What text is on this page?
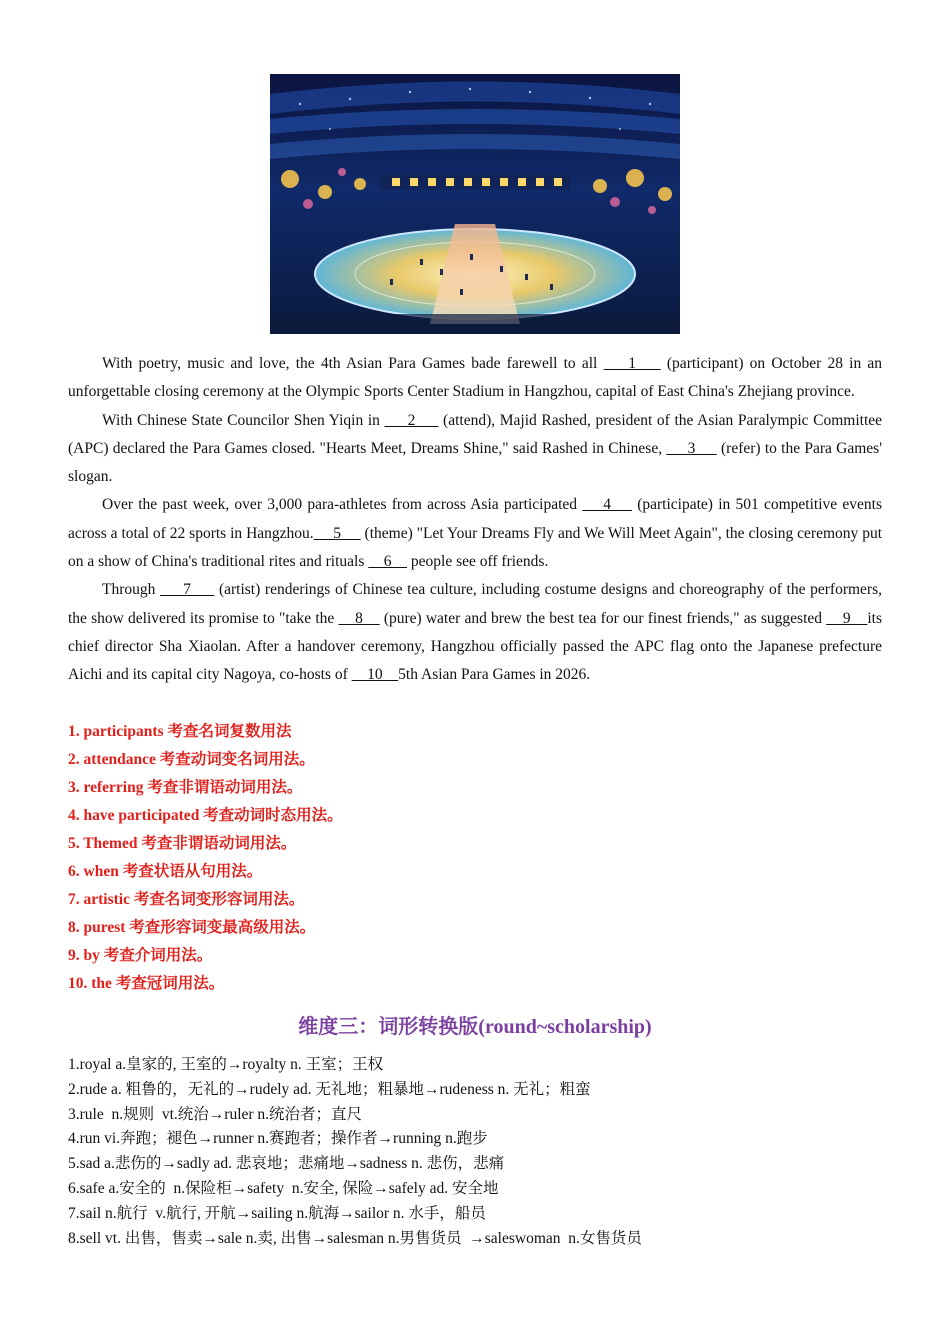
With poetry, music and love, the 4th Asian Para Games bade farewell to all     1     (participant) on October 28 in an unforgettable closing ceremony at the Olympic Sports Center Stadium in Hangzhou, capital of East China's Zhejiang province.

With Chinese State Councilor Shen Yiqin in      2      (attend), Majid Rashed, president of the Asian Paralympic Committee (APC) declared the Para Games closed. "Hearts Meet, Dreams Shine," said Rashed in Chinese,      3      (refer) to the Para Games' slogan.

Over the past week, over 3,000 para-athletes from across Asia participated     4     (participate) in 501 competitive events across a total of 22 sports in Hangzhou.     5      (theme) "Let Your Dreams Fly and We Will Meet Again", the closing ceremony put on a show of China's traditional rites and rituals     6     people see off friends.

Through      7      (artist) renderings of Chinese tea culture, including costume designs and choreography of the performers, the show delivered its promise to "take the     8     (pure) water and brew the best tea for our finest friends," as suggested     9    its chief director Sha Xiaolan. After a handover ceremony, Hangzhou officially passed the APC flag onto the Japanese prefecture Aichi and its capital city Nagoya, co-hosts of     10    5th Asian Para Games in 2026.

1. participants 考查名词复数用法
2. attendance 考查动词变名词用法。
3. referring 考查非谓语动词用法。
4. have participated 考查动词时态用法。
5. Themed 考查非谓语动词用法。
6. when 考查状语从句用法。
7. artistic 考查名词变形容词用法。
8. purest 考查形容词变最高级用法。
9. by 考查介词用法。
10. the 考查冠词用法。
维度三：词形转换版(round~scholarship)
1.royal a.皇家的, 王室的→royalty n. 王室；王权
2.rude a. 粗鲁的，无礼的→rudely ad. 无礼地；粗暴地→rudeness n. 无礼；粗蛮
3.rule  n.规则  vt.统治→ruler n.统治者；直尺
4.run vi.奔跑；褪色→runner n.赛跑者；操作者→running n.跑步
5.sad a.悲伤的→sadly ad. 悲哀地；悲痛地→sadness n. 悲伤，悲痛
6.safe a.安全的  n.保险柜→safety  n.安全, 保险→safely ad. 安全地
7.sail n.航行  v.航行, 开航→sailing n.航海→sailor n. 水手，船员
8.sell vt. 出售，售卖→sale n.卖, 出售→salesman n.男售货员  →saleswoman  n.女售货员
